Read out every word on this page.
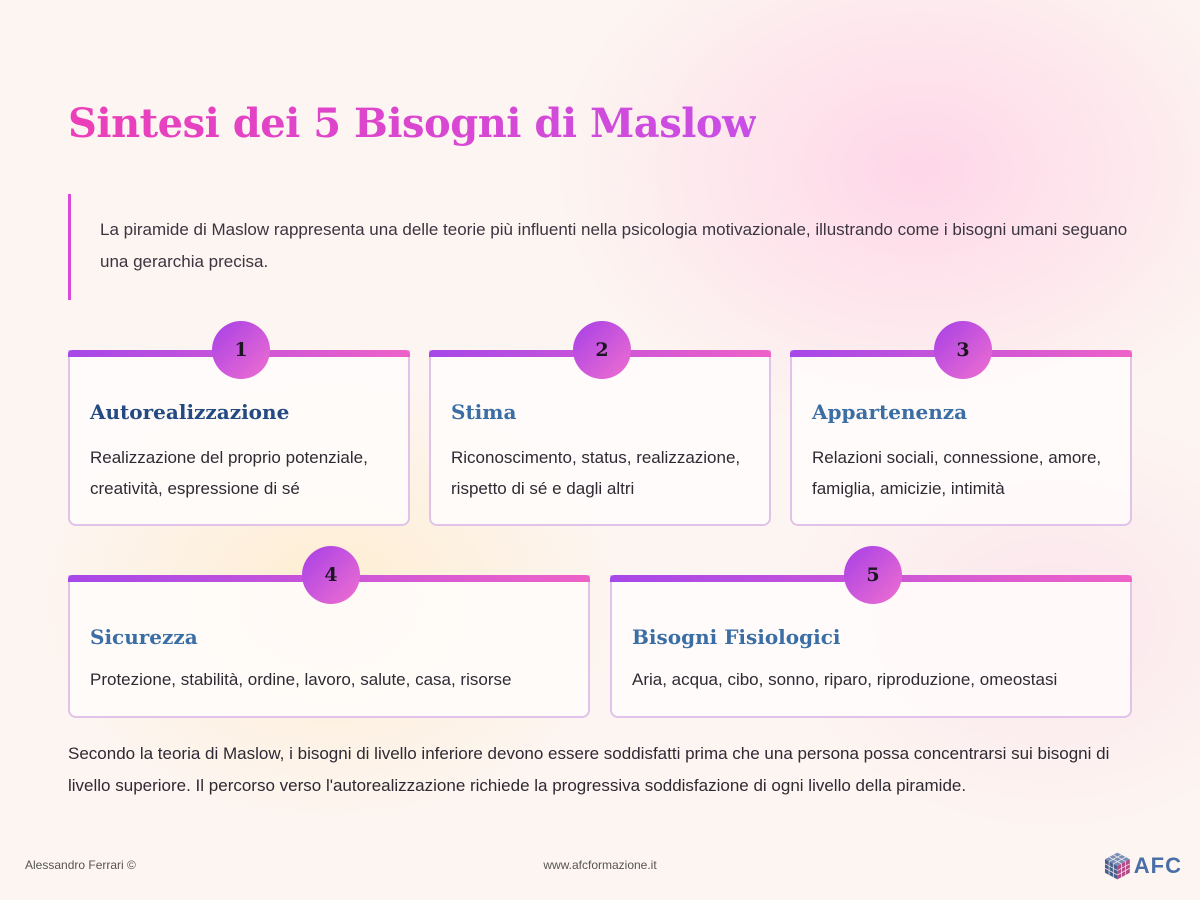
Sintesi dei 5 Bisogni di Maslow
La piramide di Maslow rappresenta una delle teorie più influenti nella psicologia motivazionale, illustrando come i bisogni umani seguano una gerarchia precisa.
1
Autorealizzazione
Realizzazione del proprio potenziale, creatività, espressione di sé
2
Stima
Riconoscimento, status, realizzazione, rispetto di sé e dagli altri
3
Appartenenza
Relazioni sociali, connessione, amore, famiglia, amicizie, intimità
4
Sicurezza
Protezione, stabilità, ordine, lavoro, salute, casa, risorse
5
Bisogni Fisiologici
Aria, acqua, cibo, sonno, riparo, riproduzione, omeostasi
Secondo la teoria di Maslow, i bisogni di livello inferiore devono essere soddisfatti prima che una persona possa concentrarsi sui bisogni di livello superiore. Il percorso verso l'autorealizzazione richiede la progressiva soddisfazione di ogni livello della piramide.
Alessandro Ferrari ©	www.afcformazione.it	AFC
